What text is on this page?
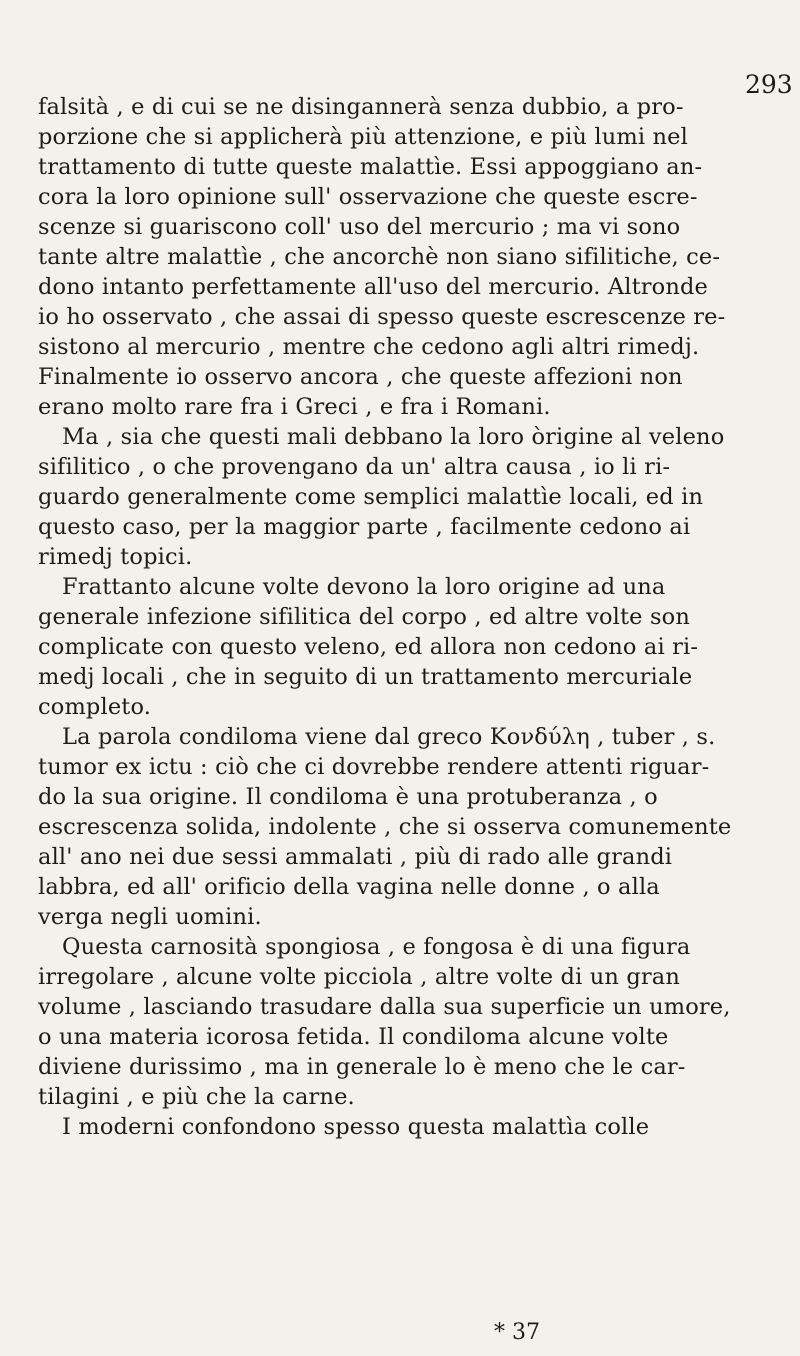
293
falsità , e di cui se ne disingannerà senza dubbio, a pro-
porzione che si applicherà più attenzione, e più lumi nel
trattamento di tutte queste malattìe. Essi appoggiano an-
cora la loro opinione sull' osservazione che queste escre-
scenze si guariscono coll' uso del mercurio ; ma vi sono
tante altre malattìe , che ancorchè non siano sifilitiche, ce-
dono intanto perfettamente all'uso del mercurio. Altronde
io ho osservato , che assai di spesso queste escrescenze re-
sistono al mercurio , mentre che cedono agli altri rimedj.
Finalmente io osservo ancora , che queste affezioni non
erano molto rare fra i Greci , e fra i Romani.
Ma , sia che questi mali debbano la loro òrigine al veleno
sifilitico , o che provengano da un' altra causa , io li ri-
guardo generalmente come semplici malattìe locali, ed in
questo caso, per la maggior parte , facilmente cedono ai
rimedj topici.
Frattanto alcune volte devono la loro origine ad una
generale infezione sifilitica del corpo , ed altre volte son
complicate con questo veleno, ed allora non cedono ai ri-
medj locali , che in seguito di un trattamento mercuriale
completo.
La parola condiloma viene dal greco Κονδύλη , tuber , s.
tumor ex ictu : ciò che ci dovrebbe rendere attenti riguar-
do la sua origine. Il condiloma è una protuberanza , o
escrescenza solida, indolente , che si osserva comunemente
all' ano nei due sessi ammalati , più di rado alle grandi
labbra, ed all' orificio della vagina nelle donne , o alla
verga negli uomini.
Questa carnosità spongiosa , e fongosa è di una figura
irregolare , alcune volte picciola , altre volte di un gran
volume , lasciando trasudare dalla sua superficie un umore,
o una materia icorosa fetida. Il condiloma alcune volte
diviene durissimo , ma in generale lo è meno che le car-
tilagini , e più che la carne.
I moderni confondono spesso questa malattìa colle
* 37
